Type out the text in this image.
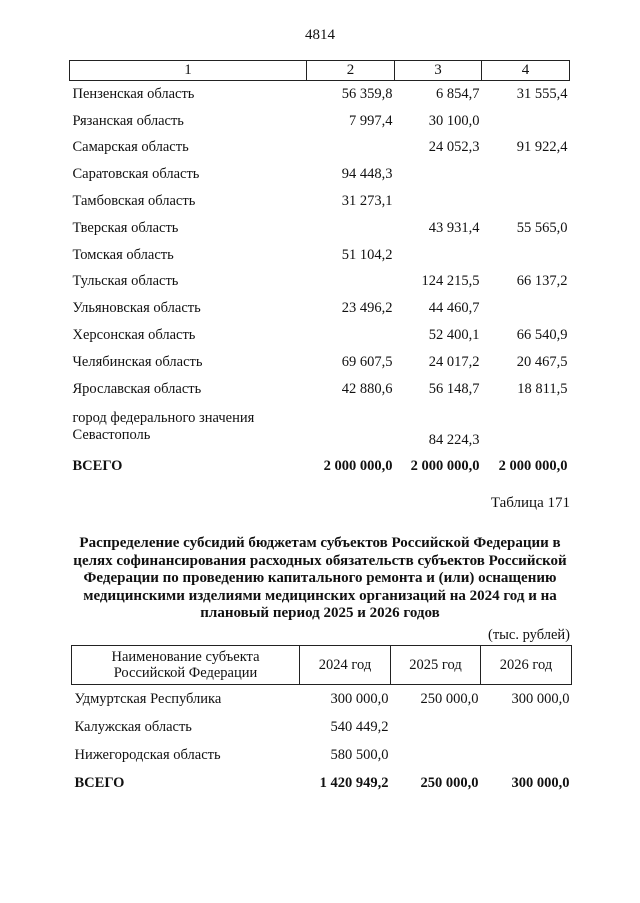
4814
1	2	3	4
Пензенская область	56 359,8	6 854,7	31 555,4
Рязанская область	7 997,4	30 100,0	
Самарская область		24 052,3	91 922,4
Саратовская область	94 448,3		
Тамбовская область	31 273,1		
Тверская область		43 931,4	55 565,0
Томская область	51 104,2		
Тульская область		124 215,5	66 137,2
Ульяновская область	23 496,2	44 460,7	
Херсонская область		52 400,1	66 540,9
Челябинская область	69 607,5	24 017,2	20 467,5
Ярославская область	42 880,6	56 148,7	18 811,5
город федерального значения Севастополь		84 224,3	
ВСЕГО	2 000 000,0	2 000 000,0	2 000 000,0
Таблица 171
Распределение субсидий бюджетам субъектов Российской Федерации в целях софинансирования расходных обязательств субъектов Российской Федерации по проведению капитального ремонта и (или) оснащению медицинскими изделиями медицинских организаций на 2024 год и на плановый период 2025 и 2026 годов
(тыс. рублей)
Наименование субъекта Российской Федерации	2024 год	2025 год	2026 год
Удмуртская Республика	300 000,0	250 000,0	300 000,0
Калужская область	540 449,2		
Нижегородская область	580 500,0		
ВСЕГО	1 420 949,2	250 000,0	300 000,0
